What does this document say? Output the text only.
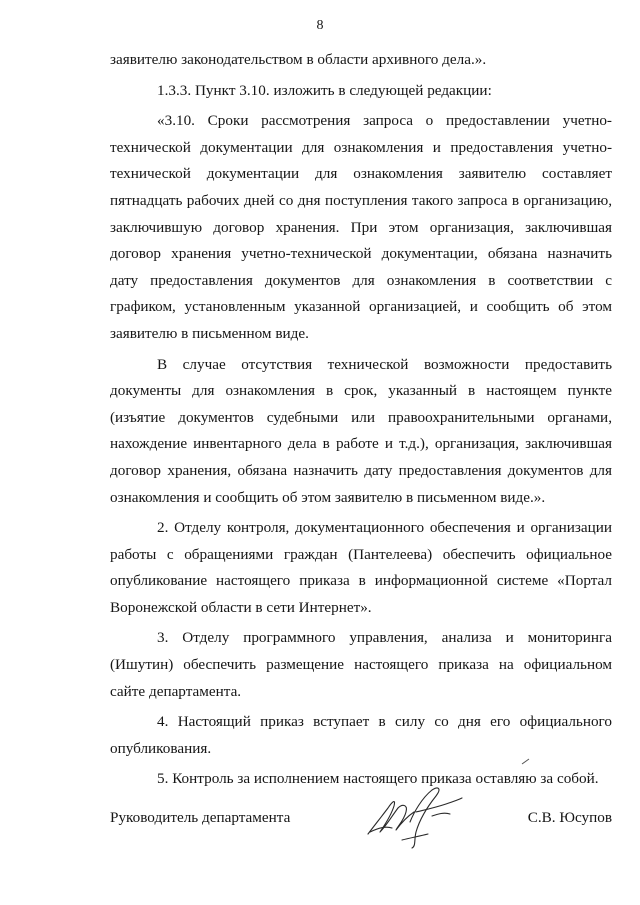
8

заявителю законодательством в области архивного дела.».

1.3.3. Пункт 3.10. изложить в следующей редакции:

«3.10. Сроки рассмотрения запроса о предоставлении учетно-технической документации для ознакомления и предоставления учетно-технической документации для ознакомления заявителю составляет пятнадцать рабочих дней со дня поступления такого запроса в организацию, заключившую договор хранения. При этом организация, заключившая договор хранения учетно-технической документации, обязана назначить дату предоставления документов для ознакомления в соответствии с графиком, установленным указанной организацией, и сообщить об этом заявителю в письменном виде.

В случае отсутствия технической возможности предоставить документы для ознакомления в срок, указанный в настоящем пункте (изъятие документов судебными или правоохранительными органами, нахождение инвентарного дела в работе и т.д.), организация, заключившая договор хранения, обязана назначить дату предоставления документов для ознакомления и сообщить об этом заявителю в письменном виде.».

2. Отделу контроля, документационного обеспечения и организации работы с обращениями граждан (Пантелеева) обеспечить официальное опубликование настоящего приказа в информационной системе «Портал Воронежской области в сети Интернет».

3. Отделу программного управления, анализа и мониторинга (Ишутин) обеспечить размещение настоящего приказа на официальном сайте департамента.

4. Настоящий приказ вступает в силу со дня его официального опубликования.

5. Контроль за исполнением настоящего приказа оставляю за собой.

Руководитель департамента	С.В. Юсупов
